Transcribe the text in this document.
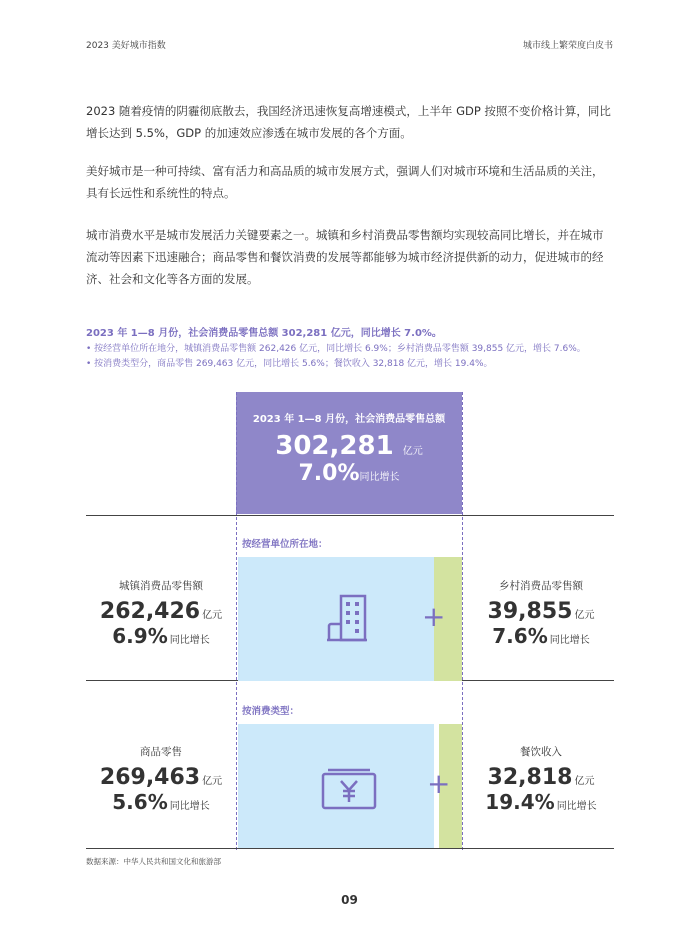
2023 美好城市指数	城市线上繁荣度白皮书

2023 随着疫情的阴霾彻底散去，我国经济迅速恢复高增速模式，上半年 GDP 按照不变价格计算，同比增长达到 5.5%，GDP 的加速效应渗透在城市发展的各个方面。

美好城市是一种可持续、富有活力和高品质的城市发展方式，强调人们对城市环境和生活品质的关注，具有长远性和系统性的特点。

城市消费水平是城市发展活力关键要素之一。城镇和乡村消费品零售额均实现较高同比增长，并在城市流动等因素下迅速融合；商品零售和餐饮消费的发展等都能够为城市经济提供新的动力，促进城市的经济、社会和文化等各方面的发展。

2023 年 1—8 月份，社会消费品零售总额 302,281 亿元，同比增长 7.0%。
• 按经营单位所在地分，城镇消费品零售额 262,426 亿元，同比增长 6.9%；乡村消费品零售额 39,855 亿元，增长 7.6%。
• 按消费类型分，商品零售 269,463 亿元，同比增长 5.6%；餐饮收入 32,818 亿元，增长 19.4%。
2023 年 1—8 月份，社会消费品零售总额
302,281 亿元
7.0%同比增长
按经营单位所在地：
+
城镇消费品零售额
262,426 亿元
6.9% 同比增长
乡村消费品零售额
39,855 亿元
7.6% 同比增长
按消费类型：
+
商品零售
269,463 亿元
5.6% 同比增长
餐饮收入
32,818 亿元
19.4% 同比增长
数据来源：中华人民共和国文化和旅游部
09
